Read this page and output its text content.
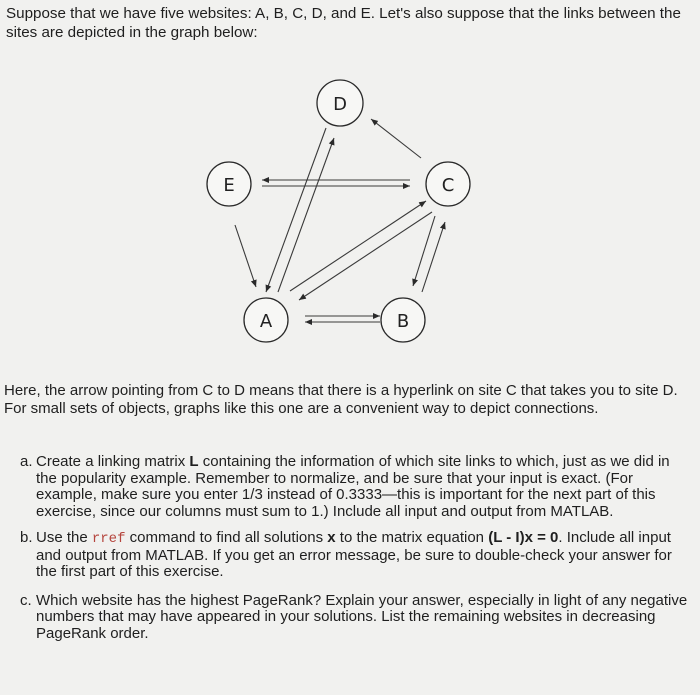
Suppose that we have five websites: A, B, C, D, and E. Let's also suppose that the links between the sites are depicted in the graph below:

D
E	C
A	B

Here, the arrow pointing from C to D means that there is a hyperlink on site C that takes you to site D. For small sets of objects, graphs like this one are a convenient way to depict connections.

a. Create a linking matrix L containing the information of which site links to which, just as we did in the popularity example. Remember to normalize, and be sure that your input is exact. (For example, make sure you enter 1/3 instead of 0.3333—this is important for the next part of this exercise, since our columns must sum to 1.) Include all input and output from MATLAB.
b. Use the rref command to find all solutions x to the matrix equation (L - I)x = 0. Include all input and output from MATLAB. If you get an error message, be sure to double-check your answer for the first part of this exercise.
c. Which website has the highest PageRank? Explain your answer, especially in light of any negative numbers that may have appeared in your solutions. List the remaining websites in decreasing PageRank order.
